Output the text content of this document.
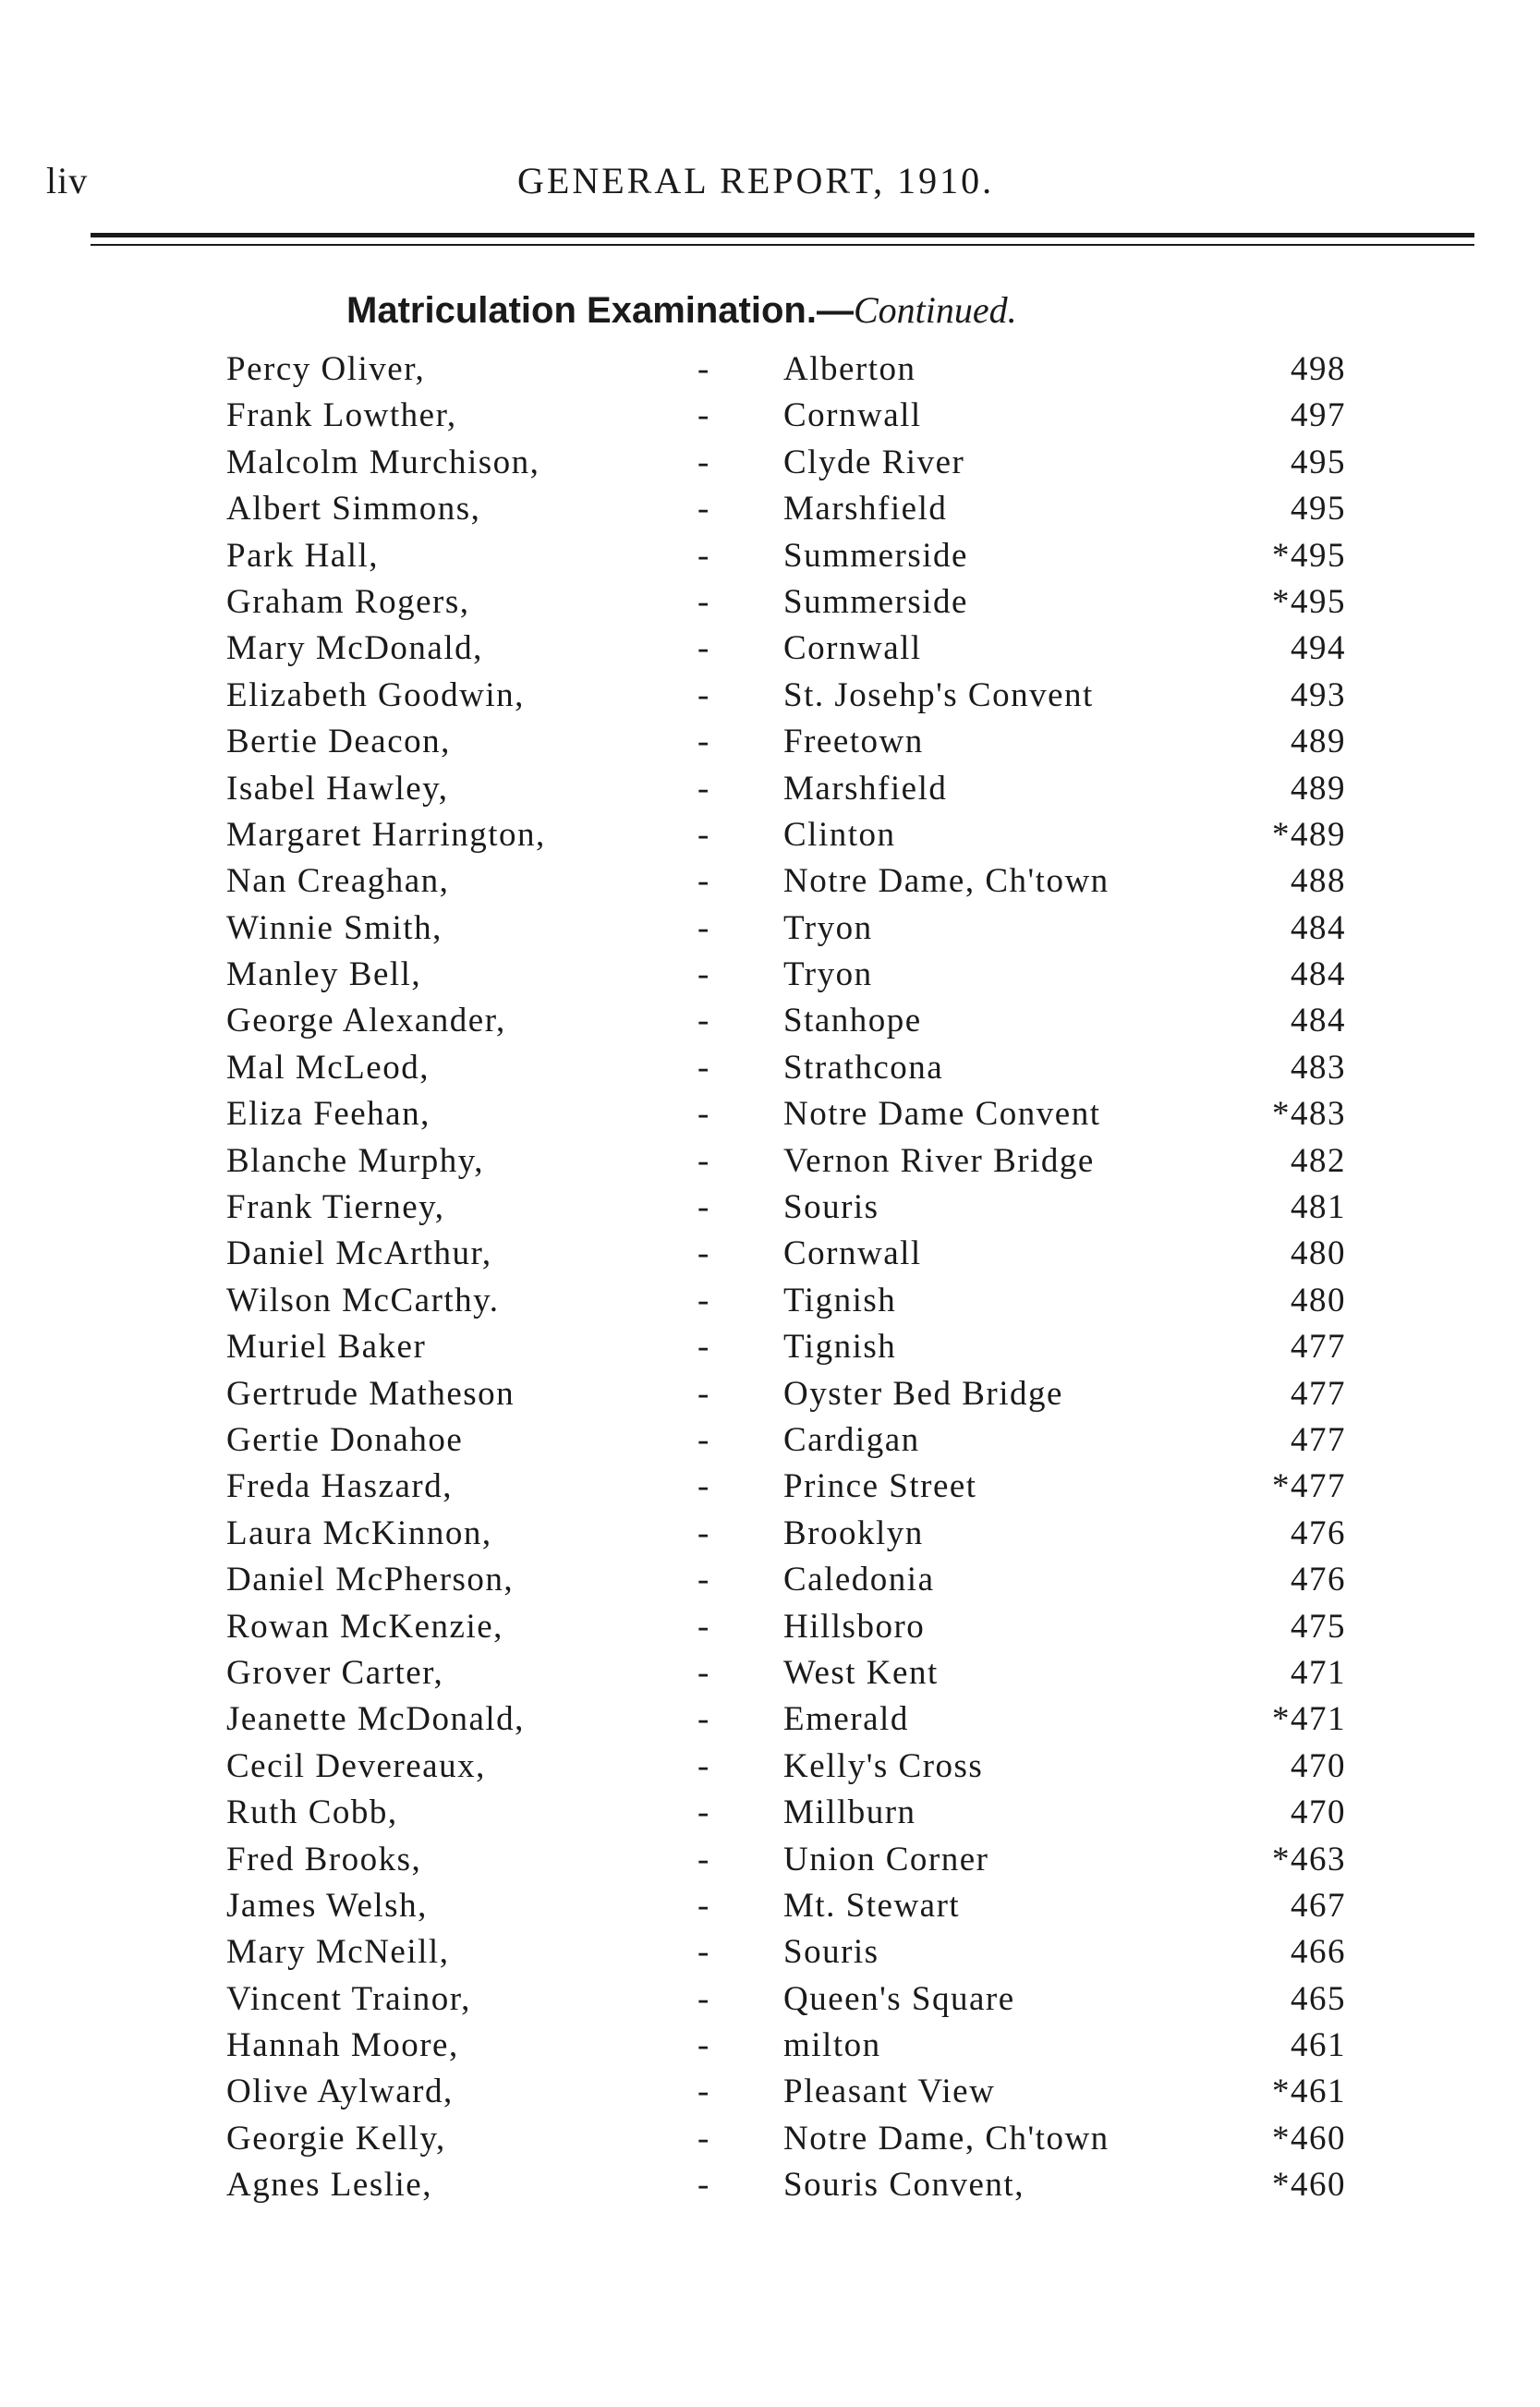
liv	GENERAL REPORT, 1910.
Matriculation Examination.—Continued.
Percy Oliver,	- Alberton	498
Frank Lowther,	- Cornwall	497
Malcolm Murchison,	- Clyde River	495
Albert Simmons,	- Marshfield	495
Park Hall,	- Summerside	*495
Graham Rogers,	- Summerside	*495
Mary McDonald,	- Cornwall	494
Elizabeth Goodwin,	- St. Josehp's Convent	493
Bertie Deacon,	- Freetown	489
Isabel Hawley,	- Marshfield	489
Margaret Harrington,	- Clinton	*489
Nan Creaghan,	- Notre Dame, Ch'town	488
Winnie Smith,	- Tryon	484
Manley Bell,	- Tryon	484
George Alexander,	- Stanhope	484
Mal McLeod,	- Strathcona	483
Eliza Feehan,	- Notre Dame Convent	*483
Blanche Murphy,	- Vernon River Bridge	482
Frank Tierney,	- Souris	481
Daniel McArthur,	- Cornwall	480
Wilson McCarthy.	- Tignish	480
Muriel Baker	- Tignish	477
Gertrude Matheson	- Oyster Bed Bridge	477
Gertie Donahoe	- Cardigan	477
Freda Haszard,	- Prince Street	*477
Laura McKinnon,	- Brooklyn	476
Daniel McPherson,	- Caledonia	476
Rowan McKenzie,	- Hillsboro	475
Grover Carter,	- West Kent	471
Jeanette McDonald,	- Emerald	*471
Cecil Devereaux,	- Kelly's Cross	470
Ruth Cobb,	- Millburn	470
Fred Brooks,	- Union Corner	*463
James Welsh,	- Mt. Stewart	467
Mary McNeill,	- Souris	466
Vincent Trainor,	- Queen's Square	465
Hannah Moore,	- milton	461
Olive Aylward,	- Pleasant View	*461
Georgie Kelly,	- Notre Dame, Ch'town	*460
Agnes Leslie,	- Souris Convent,	*460
